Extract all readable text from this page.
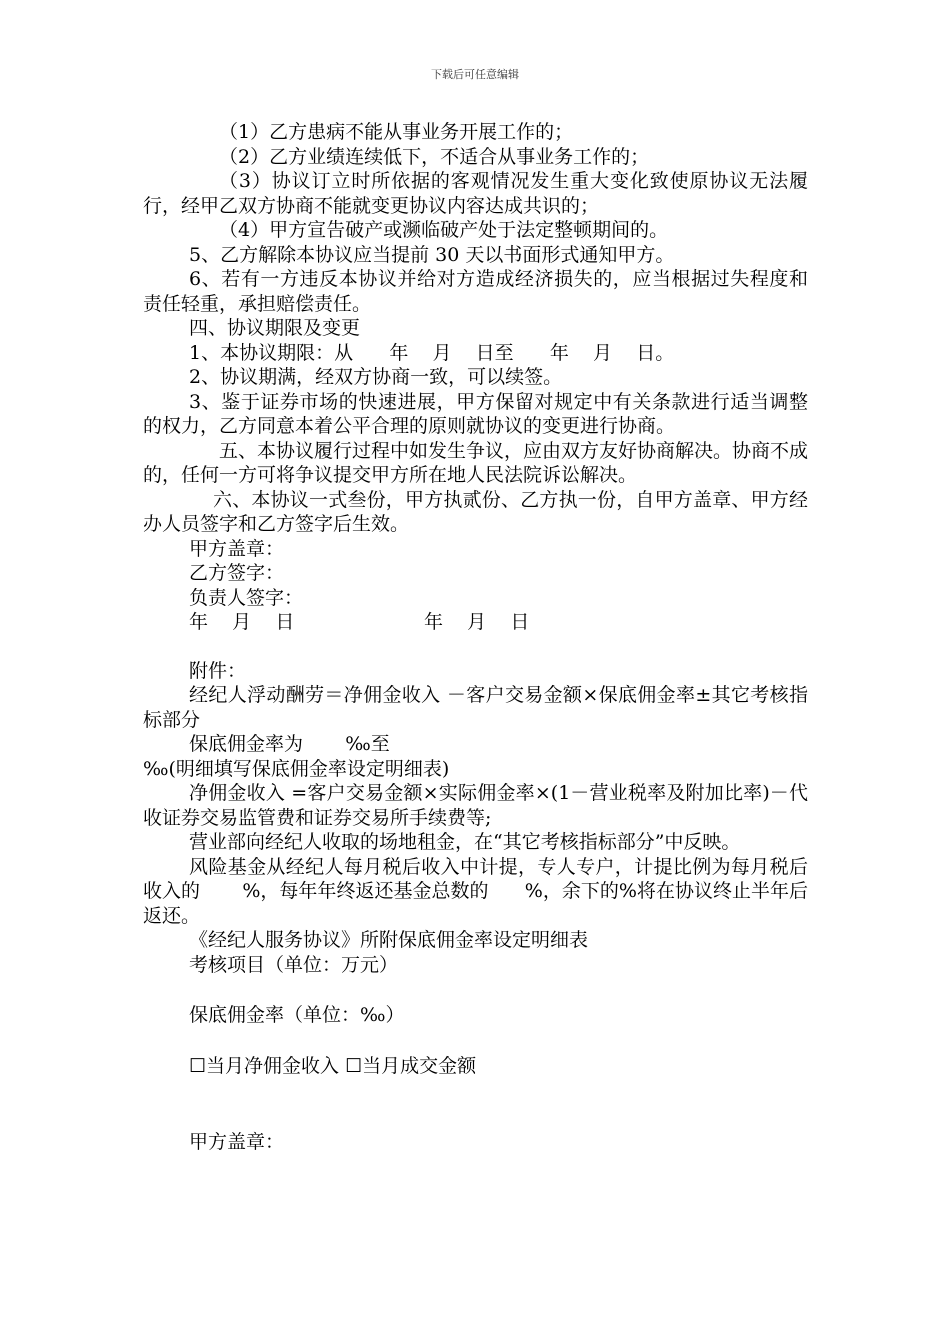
下载后可任意编辑

（1）乙方患病不能从事业务开展工作的；

（2）乙方业绩连续低下，不适合从事业务工作的；

（3）协议订立时所依据的客观情况发生重大变化致使原协议无法履行，经甲乙双方协商不能就变更协议内容达成共识的；

（4）甲方宣告破产或濒临破产处于法定整顿期间的。

5、乙方解除本协议应当提前 30 天以书面形式通知甲方。

6、若有一方违反本协议并给对方造成经济损失的，应当根据过失程度和责任轻重，承担赔偿责任。

四、协议期限及变更

1、本协议期限：从      年    月    日至      年    月    日。

2、协议期满，经双方协商一致，可以续签。

3、鉴于证券市场的快速进展，甲方保留对规定中有关条款进行适当调整的权力，乙方同意本着公平合理的原则就协议的变更进行协商。

五、本协议履行过程中如发生争议，应由双方友好协商解决。协商不成的，任何一方可将争议提交甲方所在地人民法院诉讼解决。

六、本协议一式叁份，甲方执贰份、乙方执一份，自甲方盖章、甲方经办人员签字和乙方签字后生效。

甲方盖章：

乙方签字：

负责人签字：

年    月    日	年    月    日

附件：

经纪人浮动酬劳＝净佣金收入 －客户交易金额×保底佣金率±其它考核指标部分

保底佣金率为       ‰至

‰(明细填写保底佣金率设定明细表)

净佣金收入 =客户交易金额×实际佣金率×(1－营业税率及附加比率)－代收证券交易监管费和证券交易所手续费等;

营业部向经纪人收取的场地租金，在“其它考核指标部分”中反映。

风险基金从经纪人每月税后收入中计提，专人专户，计提比例为每月税后收入的       %，每年年终返还基金总数的      %，余下的%将在协议终止半年后返还。

《经纪人服务协议》所附保底佣金率设定明细表

考核项目（单位：万元）

保底佣金率（单位：‰）

☐当月净佣金收入 ☐当月成交金额

甲方盖章：
